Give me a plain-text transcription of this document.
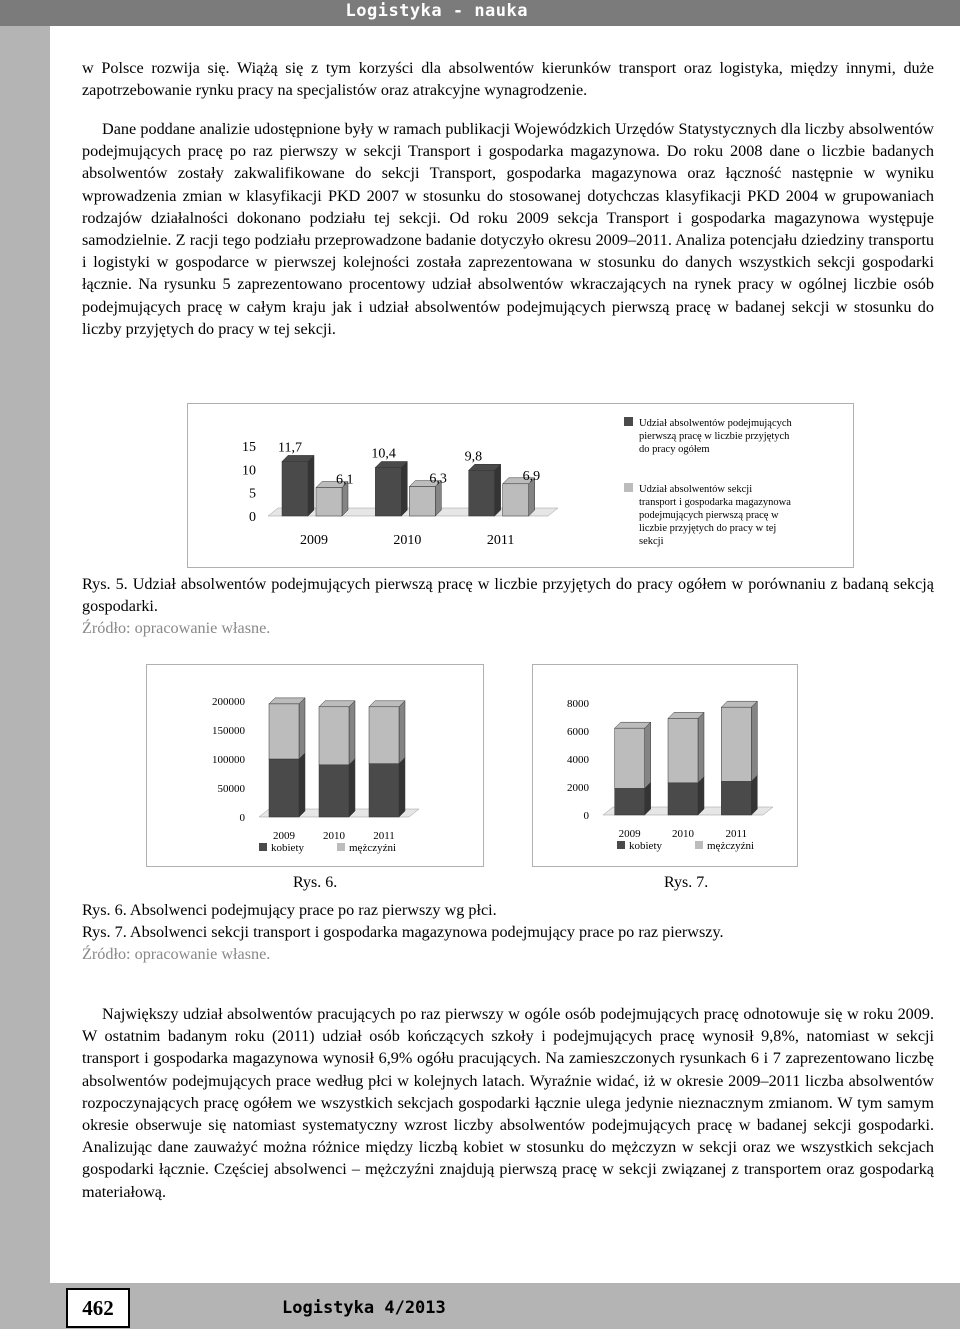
Logistyka - nauka
w Polsce rozwija się. Wiążą się z tym korzyści dla absolwentów kierunków transport oraz logistyka, między innymi, duże zapotrzebowanie rynku pracy na specjalistów oraz atrakcyjne wynagrodzenie.
Dane poddane analizie udostępnione były w ramach publikacji Wojewódzkich Urzędów Statystycznych dla liczby absolwentów podejmujących pracę po raz pierwszy w sekcji Transport i gospodarka magazynowa. Do roku 2008 dane o liczbie badanych absolwentów zostały zakwalifikowane do sekcji Transport, gospodarka magazynowa oraz łączność następnie w wyniku wprowadzenia zmian w klasyfikacji PKD 2007 w stosunku do stosowanej dotychczas klasyfikacji PKD 2004 w grupowaniach rodzajów działalności dokonano podziału tej sekcji. Od roku 2009 sekcja Transport i gospodarka magazynowa występuje samodzielnie. Z racji tego podziału przeprowadzone badanie dotyczyło okresu 2009–2011. Analiza potencjału dziedziny transportu i logistyki w gospodarce w pierwszej kolejności została zaprezentowana w stosunku do danych wszystkich sekcji gospodarki łącznie. Na rysunku 5 zaprezentowano procentowy udział absolwentów wkraczających na rynek pracy w ogólnej liczbie osób podejmujących pracę w całym kraju jak i udział absolwentów podejmujących pierwszą pracę w badanej sekcji w stosunku do liczby przyjętych do pracy w tej sekcji.
15
10
5
0
11,7
6,1
2009
10,4
6,3
2010
9,8
6,9
2011
Udział absolwentów podejmujących pierwszą pracę w liczbie przyjętych do pracy ogółem
Udział absolwentów sekcji transport i gospodarka magazynowa podejmujących pierwszą pracę w liczbie przyjętych do pracy w tej sekcji
Rys. 5. Udział absolwentów podejmujących pierwszą pracę w liczbie przyjętych do pracy ogółem w porównaniu z badaną sekcją gospodarki.
Źródło: opracowanie własne.
200000
150000
100000
50000
0
2009	2010	2011
kobiety	mężczyźni
8000
6000
4000
2000
0
2009	2010	2011
kobiety	mężczyźni
Rys. 6.	Rys. 7.
Rys. 6. Absolwenci podejmujący prace po raz pierwszy wg płci.
Rys. 7. Absolwenci sekcji transport i gospodarka magazynowa podejmujący prace po raz pierwszy.
Źródło: opracowanie własne.
Największy udział absolwentów pracujących po raz pierwszy w ogóle osób podejmujących pracę odnotowuje się w roku 2009. W ostatnim badanym roku (2011) udział osób kończących szkoły i podejmujących pracę wynosił 9,8%, natomiast w sekcji transport i gospodarka magazynowa wynosił 6,9% ogółu pracujących. Na zamieszczonych rysunkach 6 i 7 zaprezentowano liczbę absolwentów podejmujących prace według płci w kolejnych latach. Wyraźnie widać, iż w okresie 2009–2011 liczba absolwentów rozpoczynających pracę ogółem we wszystkich sekcjach gospodarki łącznie ulega jedynie nieznacznym zmianom. W tym samym okresie obserwuje się natomiast systematyczny wzrost liczby absolwentów podejmujących pracę w badanej sekcji gospodarki. Analizując dane zauważyć można różnice między liczbą kobiet w stosunku do mężczyzn w sekcji oraz we wszystkich sekcjach gospodarki łącznie. Częściej absolwenci – mężczyźni znajdują pierwszą pracę w sekcji związanej z transportem oraz gospodarką materiałową.
462	Logistyka 4/2013
